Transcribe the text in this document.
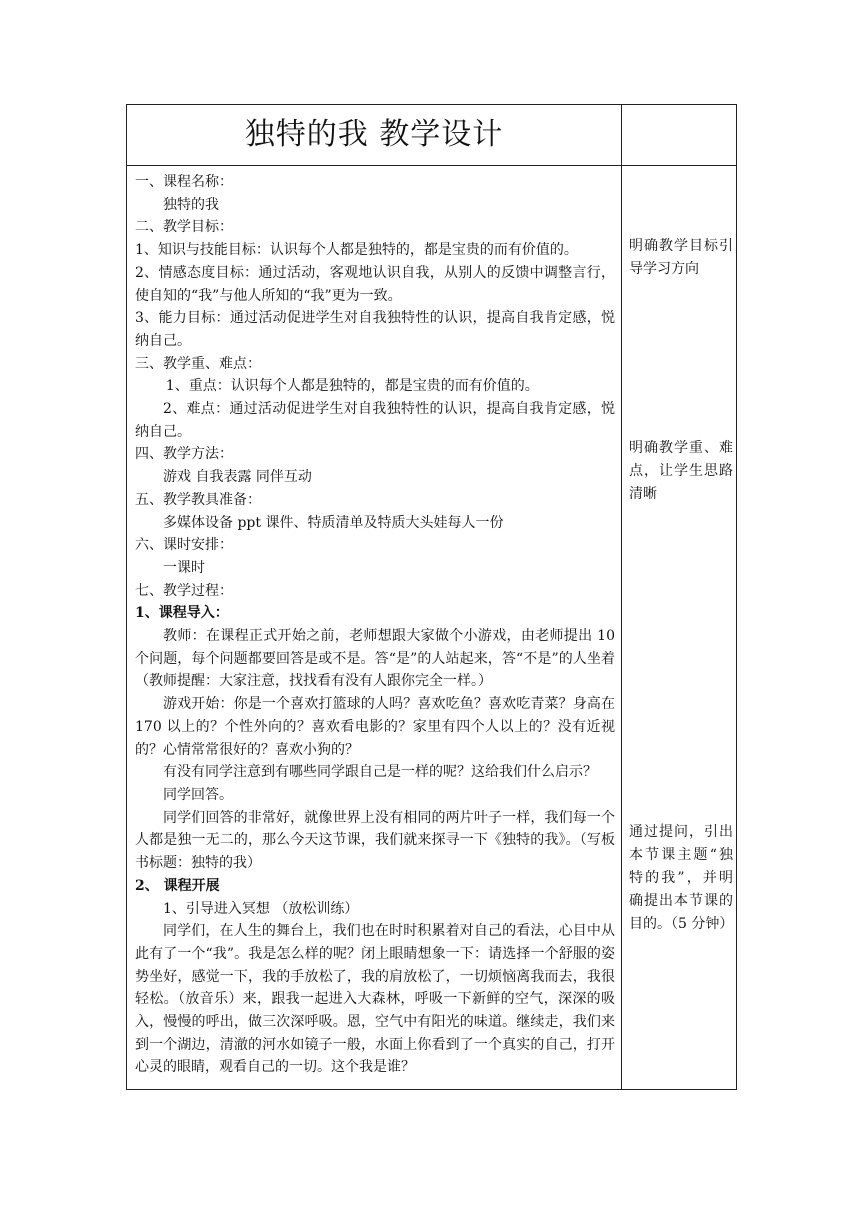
独特的我 教学设计

一、课程名称：

独特的我

二、教学目标：

1、知识与技能目标：认识每个人都是独特的，都是宝贵的而有价值的。

2、情感态度目标：通过活动，客观地认识自我，从别人的反馈中调整言行，使自知的“我”与他人所知的“我”更为一致。

3、能力目标：通过活动促进学生对自我独特性的认识，提高自我肯定感，悦纳自己。

三、教学重、难点：

1、重点：认识每个人都是独特的，都是宝贵的而有价值的。

2、难点：通过活动促进学生对自我独特性的认识，提高自我肯定感，悦纳自己。

四、教学方法：

游戏 自我表露 同伴互动

五、教学教具准备：

多媒体设备 ppt 课件、特质清单及特质大头娃每人一份

六、课时安排：

一课时

七、教学过程：

1、课程导入：

教师：在课程正式开始之前，老师想跟大家做个小游戏，由老师提出 10 个问题，每个问题都要回答是或不是。答“是”的人站起来，答“不是”的人坐着（教师提醒：大家注意，找找看有没有人跟你完全一样。）

游戏开始：你是一个喜欢打篮球的人吗？喜欢吃鱼？喜欢吃青菜？身高在 170 以上的？个性外向的？喜欢看电影的？家里有四个人以上的？没有近视的？心情常常很好的？喜欢小狗的？

有没有同学注意到有哪些同学跟自己是一样的呢？这给我们什么启示？

同学回答。

同学们回答的非常好，就像世界上没有相同的两片叶子一样，我们每一个人都是独一无二的，那么今天这节课，我们就来探寻一下《独特的我》。（写板书标题：独特的我）

2、 课程开展

1、引导进入冥想 （放松训练）

同学们，在人生的舞台上，我们也在时时积累着对自己的看法，心目中从此有了一个“我”。我是怎么样的呢？闭上眼睛想象一下：请选择一个舒服的姿势坐好，感觉一下，我的手放松了，我的肩放松了，一切烦恼离我而去，我很轻松。（放音乐）来，跟我一起进入大森林，呼吸一下新鲜的空气，深深的吸入，慢慢的呼出，做三次深呼吸。恩，空气中有阳光的味道。继续走，我们来到一个湖边，清澈的河水如镜子一般，水面上你看到了一个真实的自己，打开心灵的眼睛，观看自己的一切。这个我是谁？

明确教学目标引导学习方向
明确教学重、难点，让学生思路清晰
通过提问，引出本节课主题“独特的我”，并明确提出本节课的目的。（5 分钟）
